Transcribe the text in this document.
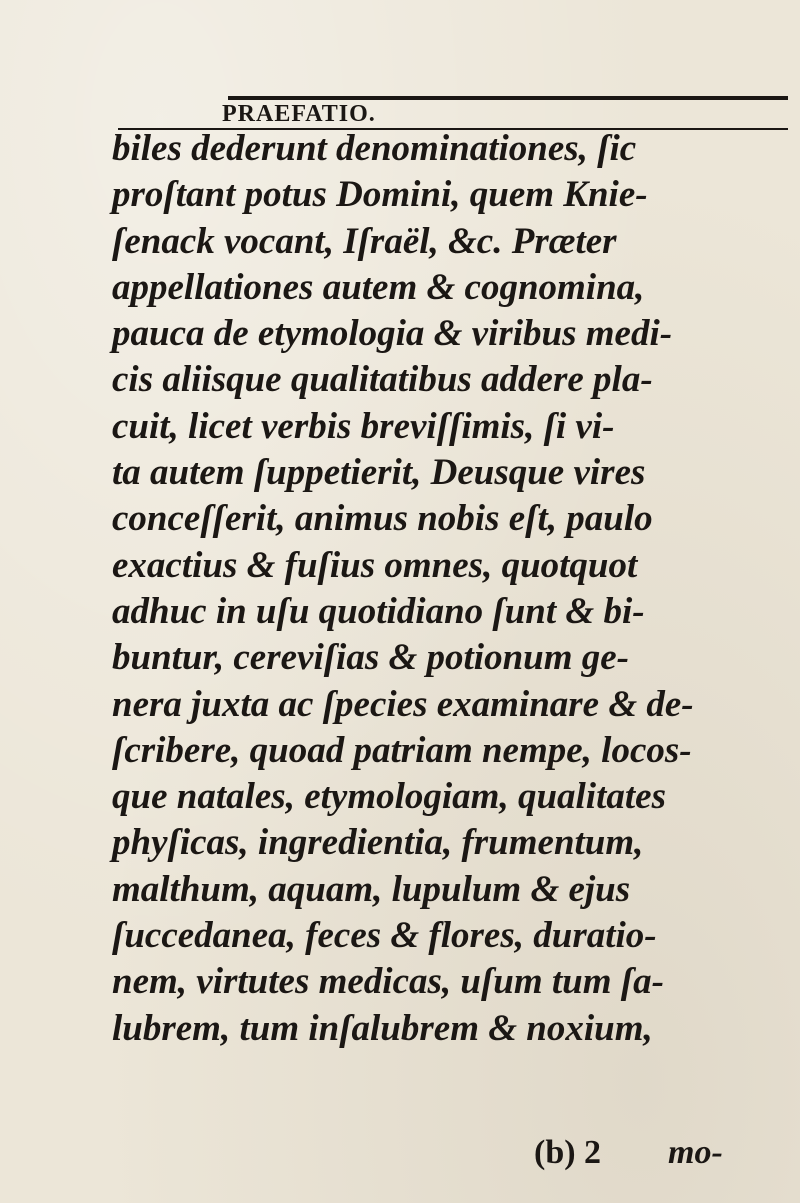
PRAEFATIO.
biles dederunt denominationes, ſic
proſtant potus Domini, quem Knie-
ſenack vocant, Iſraël, &c. Præter
appellationes autem & cognomina,
pauca de etymologia & viribus medi-
cis aliisque qualitatibus addere pla-
cuit, licet verbis breviſſimis, ſi vi-
ta autem ſuppetierit, Deusque vires
conceſſerit, animus nobis eſt, paulo
exactius & fuſius omnes, quotquot
adhuc in uſu quotidiano ſunt & bi-
buntur, cereviſias & potionum ge-
nera juxta ac ſpecies examinare & de-
ſcribere, quoad patriam nempe, locos-
que natales, etymologiam, qualitates
phyſicas, ingredientia, frumentum,
malthum, aquam, lupulum & ejus
ſuccedanea, feces & flores, duratio-
nem, virtutes medicas, uſum tum ſa-
lubrem, tum inſalubrem & noxium,
(b) 2 mo-
